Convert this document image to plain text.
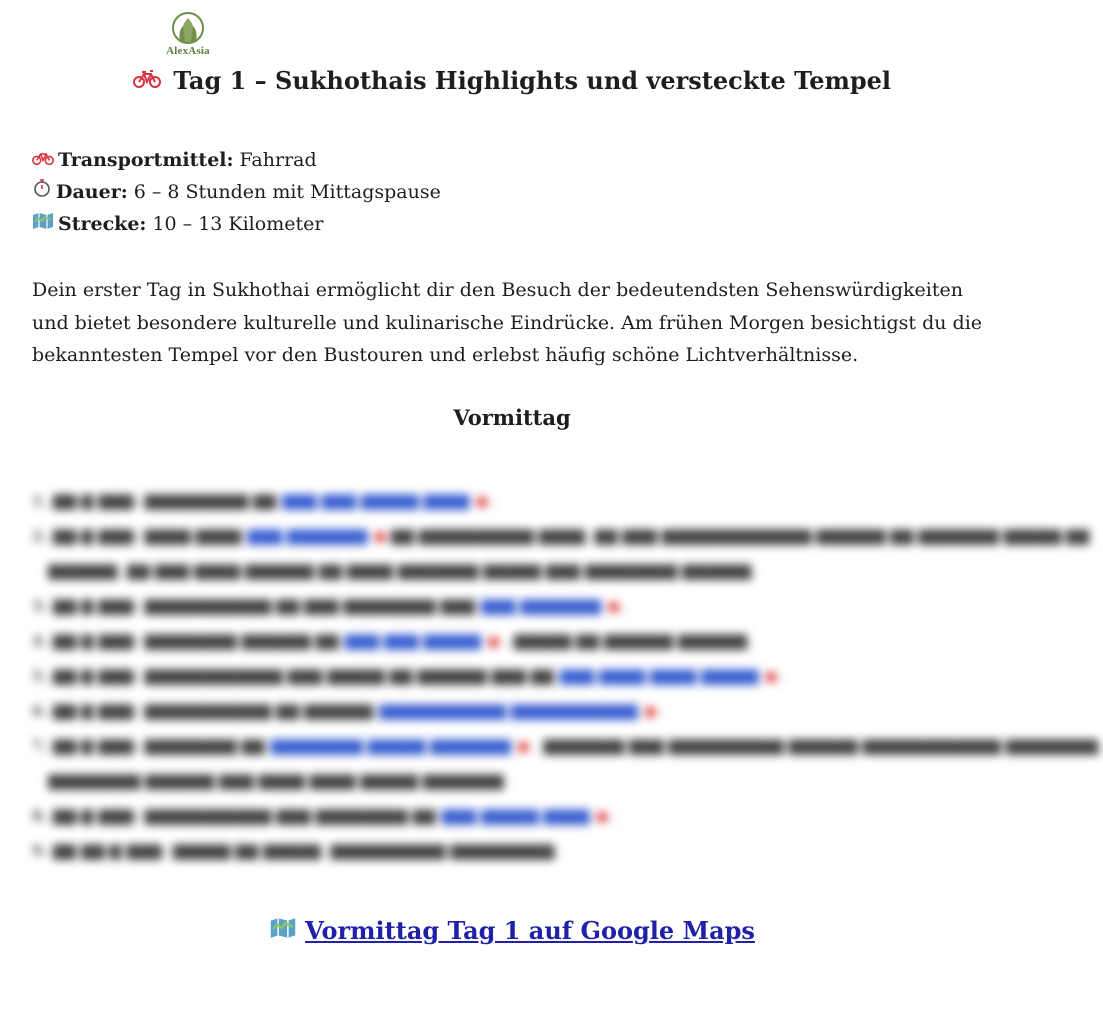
AlexAsia
Tag 1 – Sukhothais Highlights und versteckte Tempel
Transportmittel: Fahrrad
Dauer: 6 – 8 Stunden mit Mittagspause
Strecke: 10 – 13 Kilometer

Dein erster Tag in Sukhothai ermöglicht dir den Besuch der bedeutendsten Sehenswürdigkeiten und bietet besondere kulturelle und kulinarische Eindrücke. Am frühen Morgen besichtigst du die bekanntesten Tempel vor den Bustouren und erlebst häufig schöne Lichtverhältnisse.

Vormittag
1. ▇▇:▇ ▇▇▇: ▇▇▇▇▇▇▇▇▇ ▇▇ ▇▇▇ ▇▇▇ ▇▇▇▇▇ ▇▇▇▇ ● .
2. ▇▇:▇ ▇▇▇: ▇▇▇▇ ▇▇▇▇ ▇▇▇ ▇▇▇▇▇▇▇ ● ▇▇ ▇▇▇▇▇▇▇▇▇▇ ▇▇▇▇, ▇▇ ▇▇▇ ▇▇▇▇▇▇▇▇▇▇▇▇▇ ▇▇▇▇▇▇ ▇▇ ▇▇▇▇▇▇▇ ▇▇▇▇▇ ▇▇
▇▇▇▇▇▇. ▇▇ ▇▇▇ ▇▇▇▇ ▇▇▇▇▇▇ ▇▇ ▇▇▇▇ ▇▇▇▇▇▇▇ ▇▇▇▇▇ ▇▇▇ ▇▇▇▇▇▇▇▇ ▇▇▇▇▇▇.
3. ▇▇:▇ ▇▇▇: ▇▇▇▇▇▇▇▇▇▇▇ ▇▇ ▇▇▇ ▇▇▇▇▇▇▇▇ ▇▇▇ ▇▇▇ ▇▇▇▇▇▇▇ ● .
4. ▇▇:▇ ▇▇▇: ▇▇▇▇▇▇▇▇ ▇▇▇▇▇▇ ▇▇ ▇▇▇ ▇▇▇ ▇▇▇▇▇ ● . ▇▇▇▇▇ ▇▇ ▇▇▇▇▇▇ ▇▇▇▇▇▇.
5. ▇▇:▇ ▇▇▇: ▇▇▇▇▇▇▇▇▇▇▇▇ ▇▇▇ ▇▇▇▇▇ ▇▇ ▇▇▇▇▇▇ ▇▇▇ ▇▇ ▇▇▇ ▇▇▇▇ ▇▇▇▇ ▇▇▇▇▇ ● .
6. ▇▇:▇ ▇▇▇: ▇▇▇▇▇▇▇▇▇▇▇ ▇▇ ▇▇▇▇▇▇ ▇▇▇▇▇▇▇▇▇▇▇ ▇▇▇▇▇▇▇▇▇▇▇ ● .
7. ▇▇:▇ ▇▇▇: ▇▇▇▇▇▇▇▇ ▇▇ ▇▇▇▇▇▇▇▇ ▇▇▇▇▇ ▇▇▇▇▇▇▇ ● . ▇▇▇▇▇▇▇ ▇▇▇ ▇▇▇▇▇▇▇▇▇▇ ▇▇▇▇▇▇ ▇▇▇▇▇▇▇▇▇▇▇▇ ▇▇▇▇▇▇▇▇,
▇▇▇▇▇▇▇▇ ▇▇▇▇▇▇ ▇▇▇ ▇▇▇▇ ▇▇▇▇ ▇▇▇▇▇ ▇▇▇▇▇▇▇.
8. ▇▇:▇ ▇▇▇: ▇▇▇▇▇▇▇▇▇▇▇ ▇▇▇ ▇▇▇▇▇▇▇▇ ▇▇ ▇▇▇ ▇▇▇▇▇ ▇▇▇▇ ● .
9. ▇▇ ▇▇:▇ ▇▇▇: ▇▇▇▇▇ ▇▇ ▇▇▇▇▇. ▇▇▇▇▇▇▇▇▇▇ ▇▇▇▇▇▇▇▇▇.
Vormittag Tag 1 auf Google Maps
